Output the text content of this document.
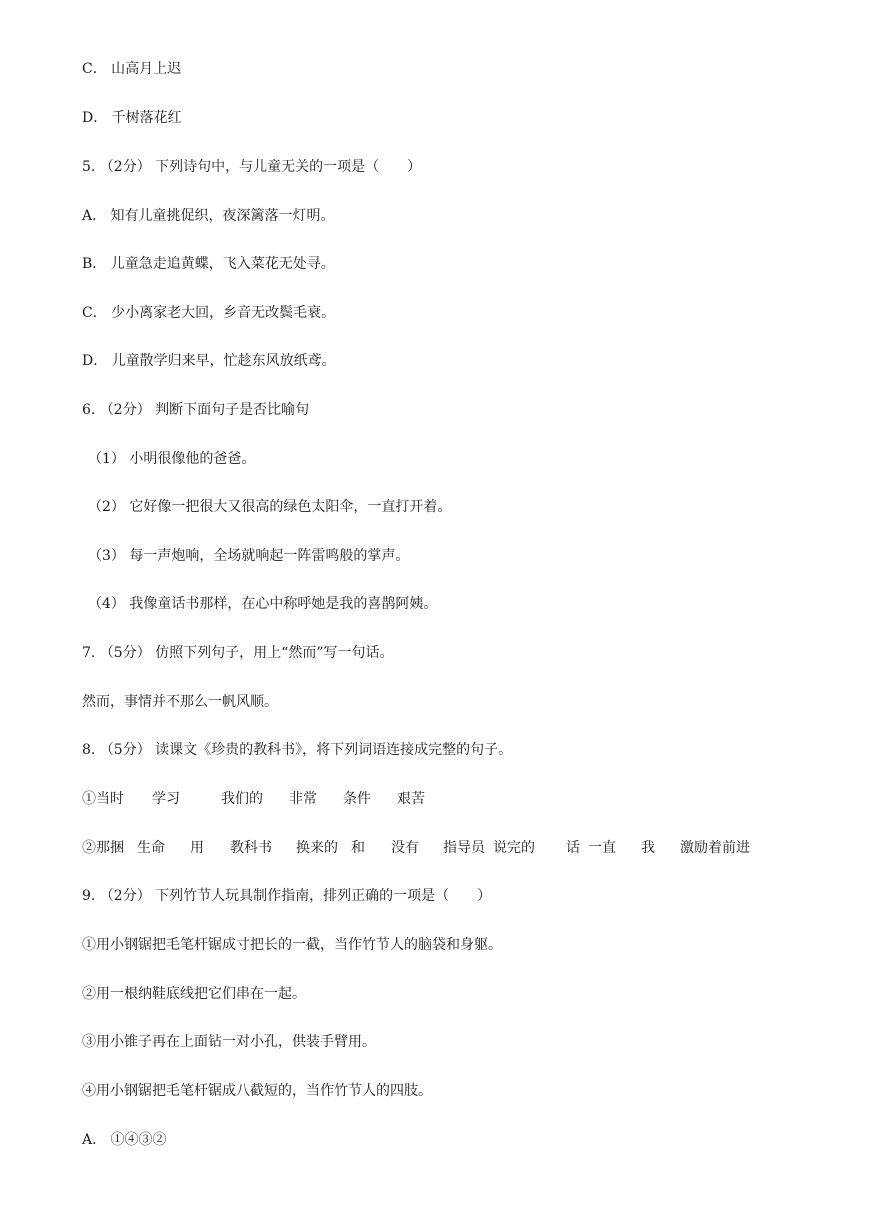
C． 山高月上迟
D． 千树落花红
5. （2分） 下列诗句中，与儿童无关的一项是（　　）
A． 知有儿童挑促织，夜深篱落一灯明。
B． 儿童急走追黄蝶，飞入菜花无处寻。
C． 少小离家老大回，乡音无改鬓毛衰。
D． 儿童散学归来早，忙趁东风放纸鸢。
6. （2分） 判断下面句子是否比喻句
（1） 小明很像他的爸爸。
（2） 它好像一把很大又很高的绿色太阳伞，一直打开着。
（3） 每一声炮响，全场就响起一阵雷鸣般的掌声。
（4） 我像童话书那样，在心中称呼她是我的喜鹊阿姨。
7. （5分） 仿照下列句子，用上“然而”写一句话。
然而，事情并不那么一帆风顺。
8. （5分） 读课文《珍贵的教科书》，将下列词语连接成完整的句子。

①当时

学习

	我们的

非常

条件

艰苦

②那捆

生命

用

教科书

换来的

和

没有

指导员

说完的

话

一直

我

激励着前进

9. （2分） 下列竹节人玩具制作指南，排列正确的一项是（　　）
①用小钢锯把毛笔杆锯成寸把长的一截，当作竹节人的脑袋和身躯。
②用一根纳鞋底线把它们串在一起。
③用小锥子再在上面钻一对小孔，供装手臂用。
④用小钢锯把毛笔杆锯成八截短的，当作竹节人的四肢。
A． ①④③②
